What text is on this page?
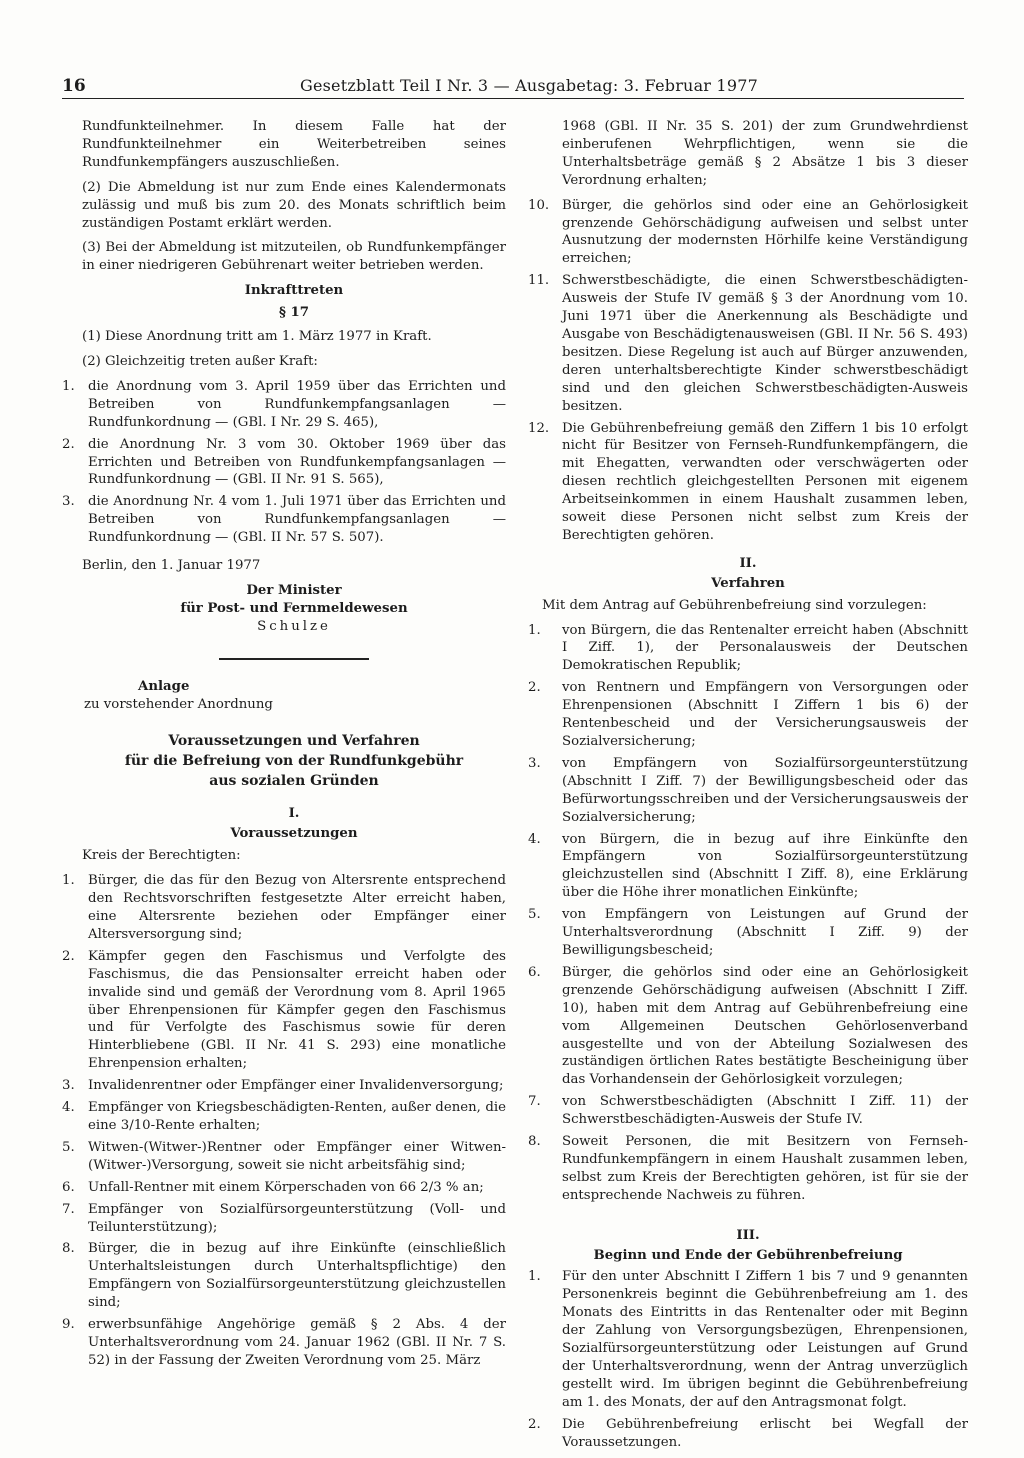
16	Gesetzblatt Teil I Nr. 3 — Ausgabetag: 3. Februar 1977

Rundfunkteilnehmer. In diesem Falle hat der Rundfunkteilnehmer ein Weiterbetreiben seines Rundfunkempfängers auszuschließen.

(2) Die Abmeldung ist nur zum Ende eines Kalendermonats zulässig und muß bis zum 20. des Monats schriftlich beim zuständigen Postamt erklärt werden.

(3) Bei der Abmeldung ist mitzuteilen, ob Rundfunkempfänger in einer niedrigeren Gebührenart weiter betrieben werden.

Inkrafttreten
§ 17

(1) Diese Anordnung tritt am 1. März 1977 in Kraft.

(2) Gleichzeitig treten außer Kraft:

1.	die Anordnung vom 3. April 1959 über das Errichten und Betreiben von Rundfunkempfangsanlagen — Rundfunkordnung — (GBl. I Nr. 29 S. 465),
2.	die Anordnung Nr. 3 vom 30. Oktober 1969 über das Errichten und Betreiben von Rundfunkempfangsanlagen — Rundfunkordnung — (GBl. II Nr. 91 S. 565),
3.	die Anordnung Nr. 4 vom 1. Juli 1971 über das Errichten und Betreiben von Rundfunkempfangsanlagen — Rundfunkordnung — (GBl. II Nr. 57 S. 507).

Berlin, den 1. Januar 1977

Der Minister
für Post- und Fernmeldewesen
Schulze
Anlage
zu vorstehender Anordnung
Voraussetzungen und Verfahren
für die Befreiung von der Rundfunkgebühr
aus sozialen Gründen
I.
Voraussetzungen

Kreis der Berechtigten:

1.	Bürger, die das für den Bezug von Altersrente entsprechend den Rechtsvorschriften festgesetzte Alter erreicht haben, eine Altersrente beziehen oder Empfänger einer Altersversorgung sind;
2.	Kämpfer gegen den Faschismus und Verfolgte des Faschismus, die das Pensionsalter erreicht haben oder invalide sind und gemäß der Verordnung vom 8. April 1965 über Ehrenpensionen für Kämpfer gegen den Faschismus und für Verfolgte des Faschismus sowie für deren Hinterbliebene (GBl. II Nr. 41 S. 293) eine monatliche Ehrenpension erhalten;
3.	Invalidenrentner oder Empfänger einer Invalidenversorgung;
4.	Empfänger von Kriegsbeschädigten-Renten, außer denen, die eine 3/10-Rente erhalten;
5.	Witwen-(Witwer-)Rentner oder Empfänger einer Witwen-(Witwer-)Versorgung, soweit sie nicht arbeitsfähig sind;
6.	Unfall-Rentner mit einem Körperschaden von 66 2/3 % an;
7.	Empfänger von Sozialfürsorgeunterstützung (Voll- und Teilunterstützung);
8.	Bürger, die in bezug auf ihre Einkünfte (einschließlich Unterhaltsleistungen durch Unterhaltspflichtige) den Empfängern von Sozialfürsorgeunterstützung gleichzustellen sind;
9.	erwerbsunfähige Angehörige gemäß § 2 Abs. 4 der Unterhaltsverordnung vom 24. Januar 1962 (GBl. II Nr. 7 S. 52) in der Fassung der Zweiten Verordnung vom 25. März

1968 (GBl. II Nr. 35 S. 201) der zum Grundwehrdienst einberufenen Wehrpflichtigen, wenn sie die Unterhaltsbeträge gemäß § 2 Absätze 1 bis 3 dieser Verordnung erhalten;

10. Bürger, die gehörlos sind oder eine an Gehörlosigkeit grenzende Gehörschädigung aufweisen und selbst unter Ausnutzung der modernsten Hörhilfe keine Verständigung erreichen;
11. Schwerstbeschädigte, die einen Schwerstbeschädigten-Ausweis der Stufe IV gemäß § 3 der Anordnung vom 10. Juni 1971 über die Anerkennung als Beschädigte und Ausgabe von Beschädigtenausweisen (GBl. II Nr. 56 S. 493) besitzen. Diese Regelung ist auch auf Bürger anzuwenden, deren unterhaltsberechtigte Kinder schwerstbeschädigt sind und den gleichen Schwerstbeschädigten-Ausweis besitzen.
12. Die Gebührenbefreiung gemäß den Ziffern 1 bis 10 erfolgt nicht für Besitzer von Fernseh-Rundfunkempfängern, die mit Ehegatten, verwandten oder verschwägerten oder diesen rechtlich gleichgestellten Personen mit eigenem Arbeitseinkommen in einem Haushalt zusammen leben, soweit diese Personen nicht selbst zum Kreis der Berechtigten gehören.
II.
Verfahren

Mit dem Antrag auf Gebührenbefreiung sind vorzulegen:

1.	von Bürgern, die das Rentenalter erreicht haben (Abschnitt I Ziff. 1), der Personalausweis der Deutschen Demokratischen Republik;
2.	von Rentnern und Empfängern von Versorgungen oder Ehrenpensionen (Abschnitt I Ziffern 1 bis 6) der Rentenbescheid und der Versicherungsausweis der Sozialversicherung;
3.	von Empfängern von Sozialfürsorgeunterstützung (Abschnitt I Ziff. 7) der Bewilligungsbescheid oder das Befürwortungsschreiben und der Versicherungsausweis der Sozialversicherung;
4.	von Bürgern, die in bezug auf ihre Einkünfte den Empfängern von Sozialfürsorgeunterstützung gleichzustellen sind (Abschnitt I Ziff. 8), eine Erklärung über die Höhe ihrer monatlichen Einkünfte;
5.	von Empfängern von Leistungen auf Grund der Unterhaltsverordnung (Abschnitt I Ziff. 9) der Bewilligungsbescheid;
6.	Bürger, die gehörlos sind oder eine an Gehörlosigkeit grenzende Gehörschädigung aufweisen (Abschnitt I Ziff. 10), haben mit dem Antrag auf Gebührenbefreiung eine vom Allgemeinen Deutschen Gehörlosenverband ausgestellte und von der Abteilung Sozialwesen des zuständigen örtlichen Rates bestätigte Bescheinigung über das Vorhandensein der Gehörlosigkeit vorzulegen;
7.	von Schwerstbeschädigten (Abschnitt I Ziff. 11) der Schwerstbeschädigten-Ausweis der Stufe IV.
8.	Soweit Personen, die mit Besitzern von Fernseh-Rundfunkempfängern in einem Haushalt zusammen leben, selbst zum Kreis der Berechtigten gehören, ist für sie der entsprechende Nachweis zu führen.
III.
Beginn und Ende der Gebührenbefreiung
1.	Für den unter Abschnitt I Ziffern 1 bis 7 und 9 genannten Personenkreis beginnt die Gebührenbefreiung am 1. des Monats des Eintritts in das Rentenalter oder mit Beginn der Zahlung von Versorgungsbezügen, Ehrenpensionen, Sozialfürsorgeunterstützung oder Leistungen auf Grund der Unterhaltsverordnung, wenn der Antrag unverzüglich gestellt wird. Im übrigen beginnt die Gebührenbefreiung am 1. des Monats, der auf den Antragsmonat folgt.
2.	Die Gebührenbefreiung erlischt bei Wegfall der Voraussetzungen.
